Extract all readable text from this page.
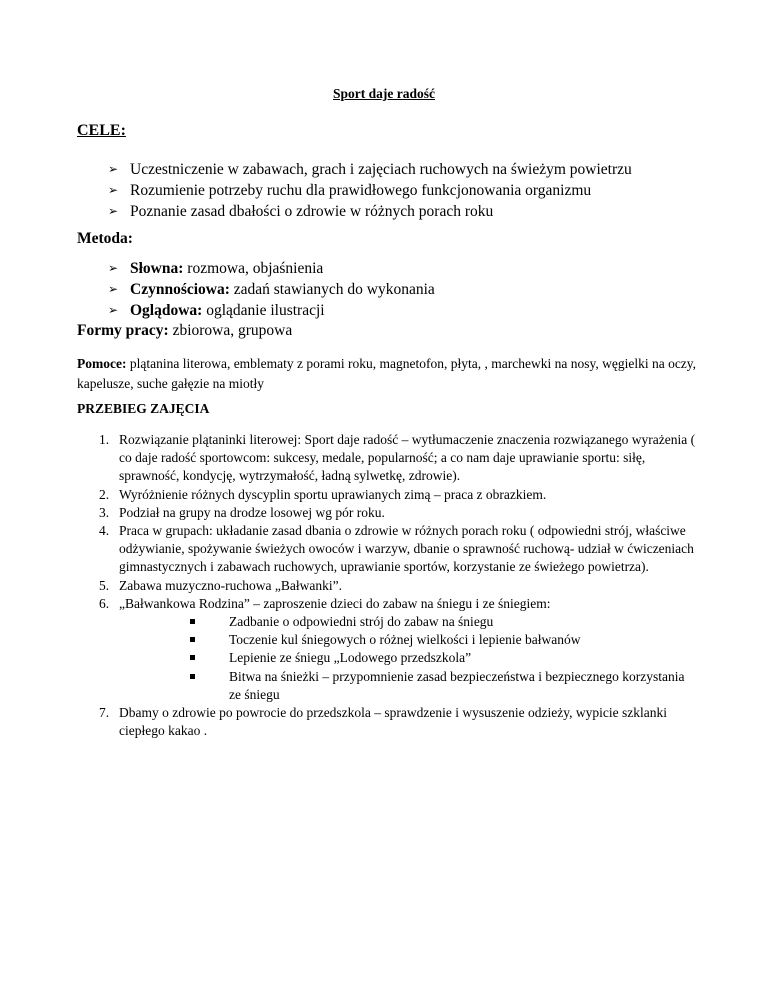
Sport daje radość
CELE:
➢ Uczestniczenie w zabawach, grach i zajęciach ruchowych na świeżym powietrzu
➢ Rozumienie potrzeby ruchu dla prawidłowego funkcjonowania organizmu
➢ Poznanie zasad dbałości o zdrowie w różnych porach roku
Metoda:
➢ Słowna: rozmowa, objaśnienia
➢ Czynnościowa: zadań stawianych do wykonania
➢ Oglądowa: oglądanie ilustracji
Formy pracy: zbiorowa, grupowa
Pomoce: plątanina literowa, emblematy z porami roku, magnetofon, płyta, , marchewki na nosy, węgielki na oczy, kapelusze, suche gałęzie na miotły
PRZEBIEG ZAJĘCIA
1. Rozwiązanie plątaninki literowej: Sport daje radość – wytłumaczenie znaczenia rozwiązanego wyrażenia ( co daje radość sportowcom: sukcesy, medale, popularność; a co nam daje uprawianie sportu: siłę, sprawność, kondycję, wytrzymałość, ładną sylwetkę, zdrowie).
2. Wyróżnienie różnych dyscyplin sportu uprawianych zimą – praca z obrazkiem.
3. Podział na grupy na drodze losowej wg pór roku.
4. Praca w grupach: układanie zasad dbania o zdrowie w różnych porach roku ( odpowiedni strój, właściwe odżywianie, spożywanie świeżych owoców i warzyw, dbanie o sprawność ruchową- udział w ćwiczeniach gimnastycznych i zabawach ruchowych, uprawianie sportów, korzystanie ze świeżego powietrza).
5. Zabawa muzyczno-ruchowa „Bałwanki”.
6. „Bałwankowa Rodzina” – zaproszenie dzieci do zabaw na śniegu i ze śniegiem:
Zadbanie o odpowiedni strój do zabaw na śniegu
Toczenie kul śniegowych o różnej wielkości i lepienie bałwanów
Lepienie ze śniegu „Lodowego przedszkola”
Bitwa na śnieżki – przypomnienie zasad bezpieczeństwa i bezpiecznego korzystania ze śniegu
7. Dbamy o zdrowie po powrocie do przedszkola – sprawdzenie i wysuszenie odzieży, wypicie szklanki ciepłego kakao .
